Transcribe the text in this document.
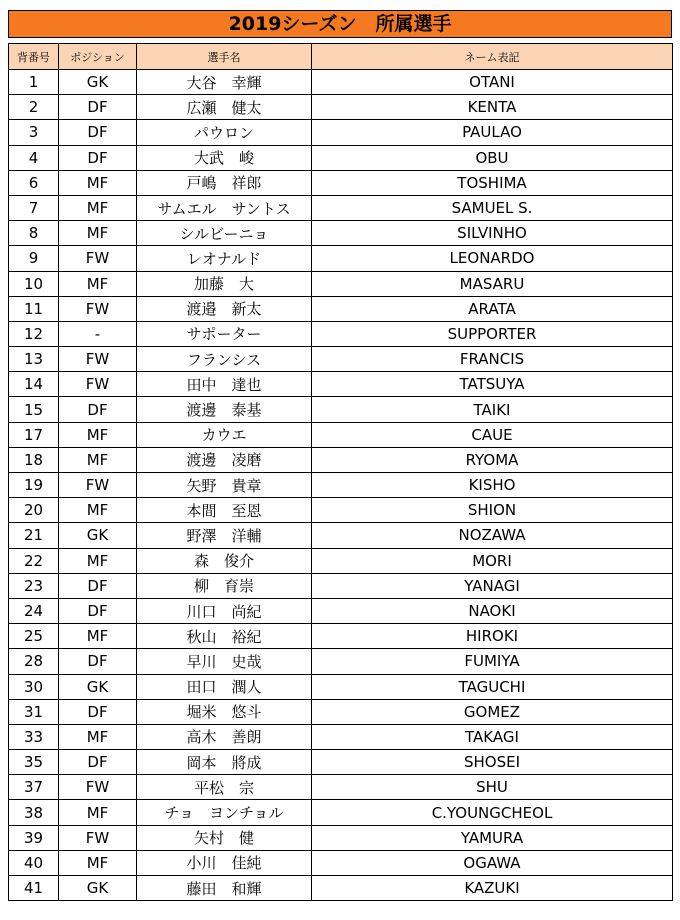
2019シーズン　所属選手
背番号	ポジション	選手名	ネーム表記
1	GK	大谷　幸輝	OTANI
2	DF	広瀬　健太	KENTA
3	DF	パウロン	PAULAO
4	DF	大武　峻	OBU
6	MF	戸嶋　祥郎	TOSHIMA
7	MF	サムエル　サントス	SAMUEL S.
8	MF	シルビーニョ	SILVINHO
9	FW	レオナルド	LEONARDO
10	MF	加藤　大	MASARU
11	FW	渡邉　新太	ARATA
12	-	サポーター	SUPPORTER
13	FW	フランシス	FRANCIS
14	FW	田中　達也	TATSUYA
15	DF	渡邊　泰基	TAIKI
17	MF	カウエ	CAUE
18	MF	渡邊　凌磨	RYOMA
19	FW	矢野　貴章	KISHO
20	MF	本間　至恩	SHION
21	GK	野澤　洋輔	NOZAWA
22	MF	森　俊介	MORI
23	DF	柳　育崇	YANAGI
24	DF	川口　尚紀	NAOKI
25	MF	秋山　裕紀	HIROKI
28	DF	早川　史哉	FUMIYA
30	GK	田口　潤人	TAGUCHI
31	DF	堀米　悠斗	GOMEZ
33	MF	高木　善朗	TAKAGI
35	DF	岡本　將成	SHOSEI
37	FW	平松　宗	SHU
38	MF	チョ　ヨンチョル	C.YOUNGCHEOL
39	FW	矢村　健	YAMURA
40	MF	小川　佳純	OGAWA
41	GK	藤田　和輝	KAZUKI
